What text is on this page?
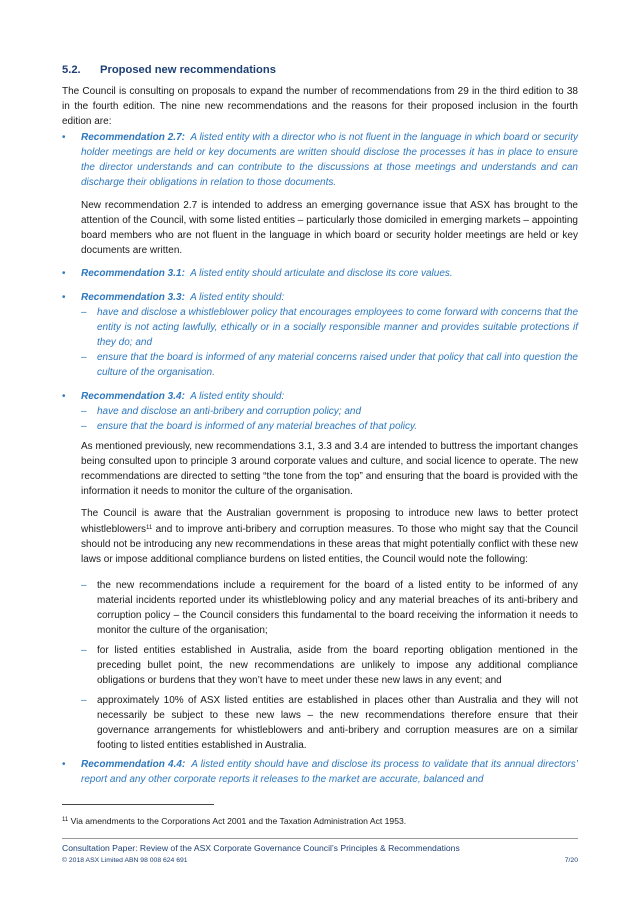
5.2. Proposed new recommendations

The Council is consulting on proposals to expand the number of recommendations from 29 in the third edition to 38 in the fourth edition. The nine new recommendations and the reasons for their proposed inclusion in the fourth edition are:

•	Recommendation 2.7: A listed entity with a director who is not fluent in the language in which board or security holder meetings are held or key documents are written should disclose the processes it has in place to ensure the director understands and can contribute to the discussions at those meetings and understands and can discharge their obligations in relation to those documents.

New recommendation 2.7 is intended to address an emerging governance issue that ASX has brought to the attention of the Council, with some listed entities – particularly those domiciled in emerging markets – appointing board members who are not fluent in the language in which board or security holder meetings are held or key documents are written.

•	Recommendation 3.1: A listed entity should articulate and disclose its core values.

•	Recommendation 3.3: A listed entity should:

–	have and disclose a whistleblower policy that encourages employees to come forward with concerns that the entity is not acting lawfully, ethically or in a socially responsible manner and provides suitable protections if they do; and

–	ensure that the board is informed of any material concerns raised under that policy that call into question the culture of the organisation.

•	Recommendation 3.4: A listed entity should:

–	have and disclose an anti-bribery and corruption policy; and

–	ensure that the board is informed of any material breaches of that policy.

As mentioned previously, new recommendations 3.1, 3.3 and 3.4 are intended to buttress the important changes being consulted upon to principle 3 around corporate values and culture, and social licence to operate. The new recommendations are directed to setting “the tone from the top” and ensuring that the board is provided with the information it needs to monitor the culture of the organisation.

The Council is aware that the Australian government is proposing to introduce new laws to better protect whistleblowers$^{11}$ and to improve anti-bribery and corruption measures. To those who might say that the Council should not be introducing any new recommendations in these areas that might potentially conflict with these new laws or impose additional compliance burdens on listed entities, the Council would note the following:

–	the new recommendations include a requirement for the board of a listed entity to be informed of any material incidents reported under its whistleblowing policy and any material breaches of its anti-bribery and corruption policy – the Council considers this fundamental to the board receiving the information it needs to monitor the culture of the organisation;

–	for listed entities established in Australia, aside from the board reporting obligation mentioned in the preceding bullet point, the new recommendations are unlikely to impose any additional compliance obligations or burdens that they won’t have to meet under these new laws in any event; and

–	approximately 10% of ASX listed entities are established in places other than Australia and they will not necessarily be subject to these new laws – the new recommendations therefore ensure that their governance arrangements for whistleblowers and anti-bribery and corruption measures are on a similar footing to listed entities established in Australia.

•	Recommendation 4.4: A listed entity should have and disclose its process to validate that its annual directors’ report and any other corporate reports it releases to the market are accurate, balanced and

$^{11}$ Via amendments to the Corporations Act 2001 and the Taxation Administration Act 1953.
Consultation Paper: Review of the ASX Corporate Governance Council’s Principles & Recommendations
© 2018 ASX Limited ABN 98 008 624 691	7/20
